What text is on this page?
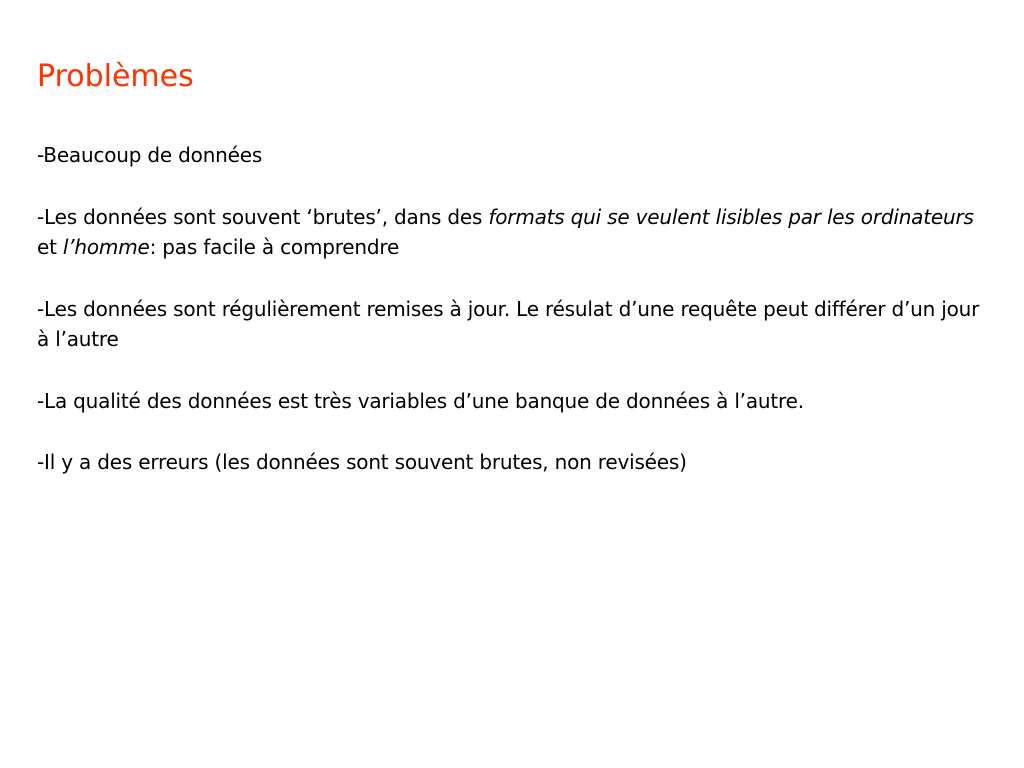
Problèmes

-Beaucoup de données

-Les données sont souvent ‘brutes’, dans des formats qui se veulent lisibles par les ordinateurs et l’homme: pas facile à comprendre

-Les données sont régulièrement remises à jour. Le résulat d’une requête peut différer d’un jour à l’autre

-La qualité des données est très variables d’une banque de données à l’autre.

-Il y a des erreurs (les données sont souvent brutes, non revisées)
